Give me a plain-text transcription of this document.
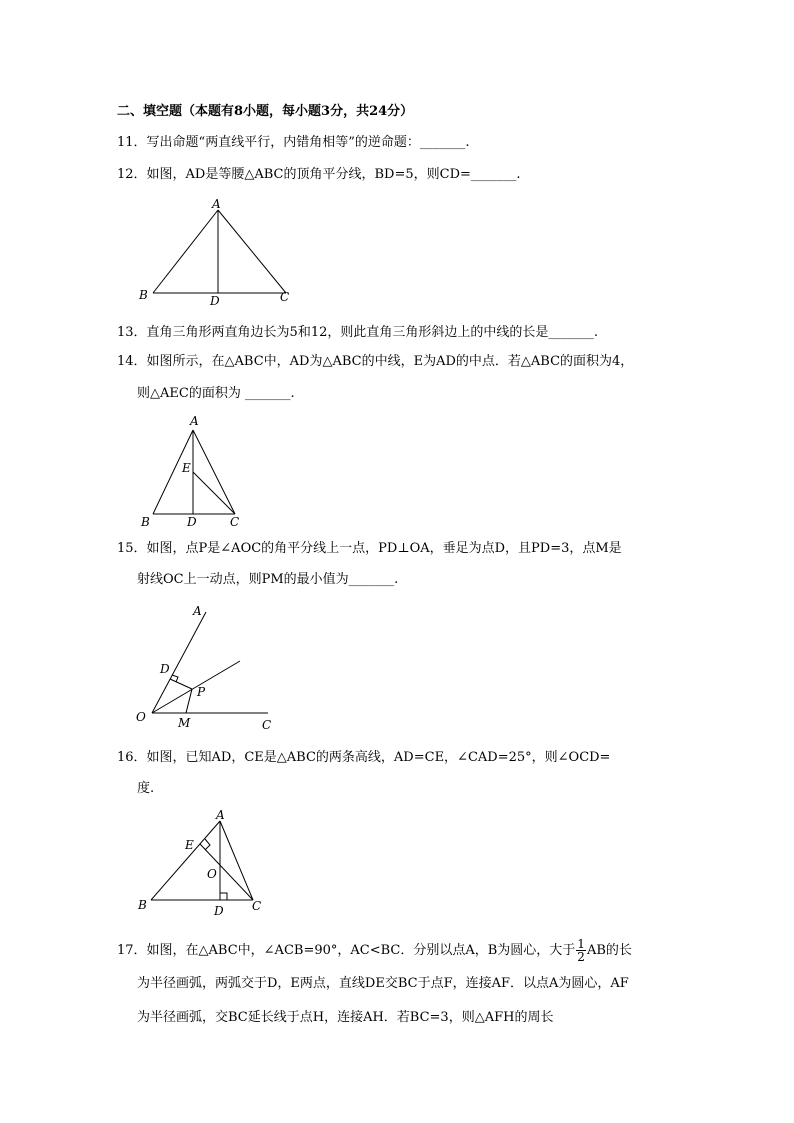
二、填空题（本题有8小题，每小题3分，共24分）
11．写出命题“两直线平行，内错角相等”的逆命题：_______.
12．如图，AD是等腰△ABC的顶角平分线，BD=5，则CD=_______.
A
B	D	C
13．直角三角形两直角边长为5和12，则此直角三角形斜边上的中线的长是_______.
14．如图所示，在△ABC中，AD为△ABC的中线，E为AD的中点．若△ABC的面积为4，
则△AEC的面积为 _______.
A
E
B	D	C
15．如图，点P是∠AOC的角平分线上一点，PD⊥OA，垂足为点D，且PD=3，点M是
射线OC上一动点，则PM的最小值为_______.
A
D
P
O	M	C
16．如图，已知AD，CE是△ABC的两条高线，AD=CE，∠CAD=25°，则∠OCD=
度.
A
E
O
B	D C
17．如图，在△ABC中，∠ACB=90°，AC<BC．分别以点A，B为圆心，大于 $\frac{1}{2}$ AB的长
为半径画弧，两弧交于D，E两点，直线DE交BC于点F，连接AF．以点A为圆心，AF
为半径画弧，交BC延长线于点H，连接AH．若BC=3，则△AFH的周长
